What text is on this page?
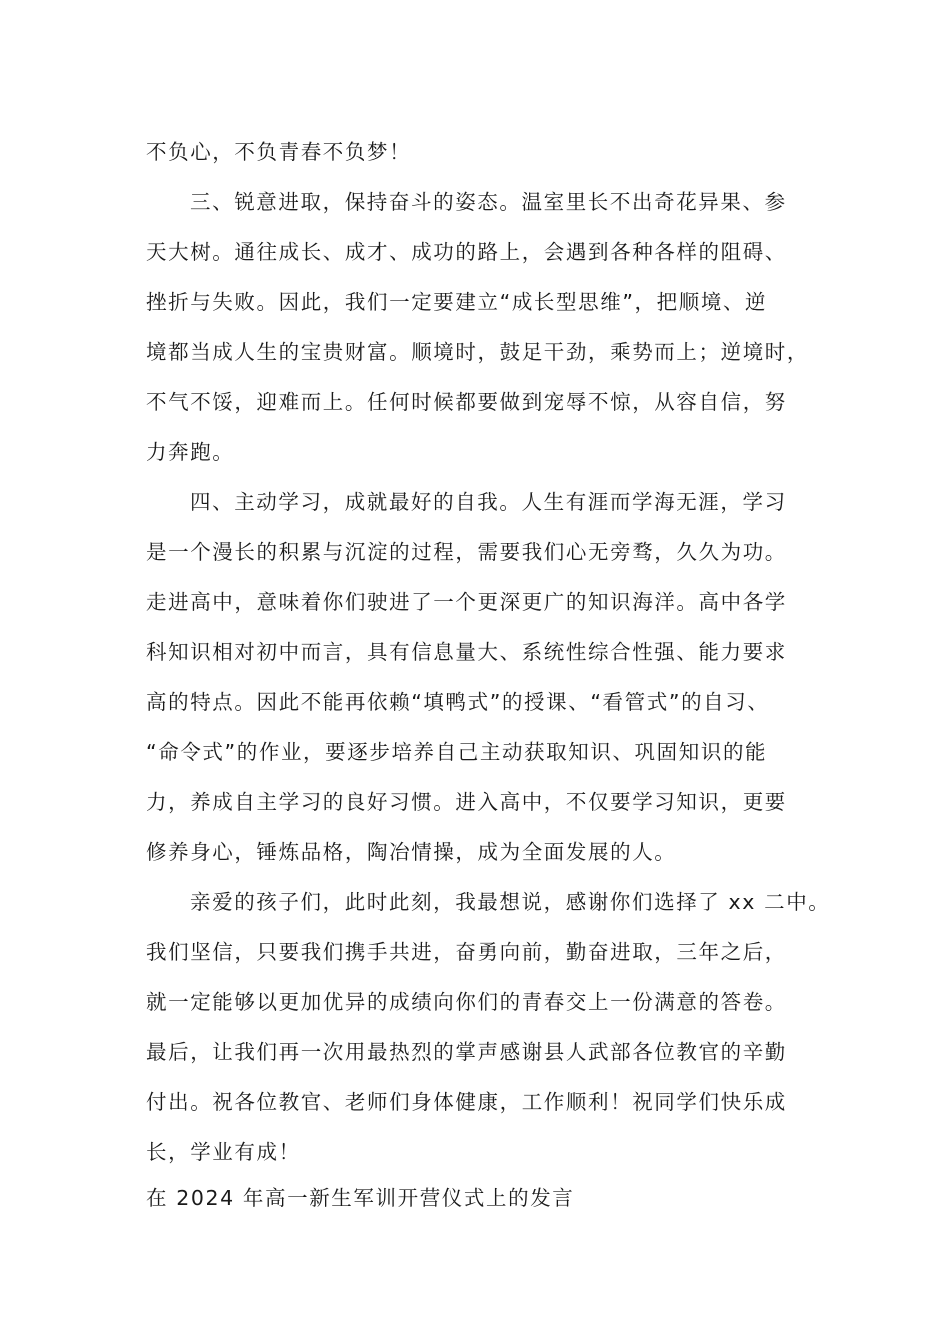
不负心，不负青春不负梦！
三、锐意进取，保持奋斗的姿态。温室里长不出奇花异果、参
天大树。通往成长、成才、成功的路上，会遇到各种各样的阻碍、
挫折与失败。因此，我们一定要建立“成长型思维”，把顺境、逆
境都当成人生的宝贵财富。顺境时，鼓足干劲，乘势而上；逆境时，
不气不馁，迎难而上。任何时候都要做到宠辱不惊，从容自信，努
力奔跑。
四、主动学习，成就最好的自我。人生有涯而学海无涯，学习
是一个漫长的积累与沉淀的过程，需要我们心无旁骛，久久为功。
走进高中，意味着你们驶进了一个更深更广的知识海洋。高中各学
科知识相对初中而言，具有信息量大、系统性综合性强、能力要求
高的特点。因此不能再依赖“填鸭式”的授课、“看管式”的自习、
“命令式”的作业，要逐步培养自己主动获取知识、巩固知识的能
力，养成自主学习的良好习惯。进入高中，不仅要学习知识，更要
修养身心，锤炼品格，陶冶情操，成为全面发展的人。
亲爱的孩子们，此时此刻，我最想说，感谢你们选择了 xx 二中。
我们坚信，只要我们携手共进，奋勇向前，勤奋进取，三年之后，
就一定能够以更加优异的成绩向你们的青春交上一份满意的答卷。
最后，让我们再一次用最热烈的掌声感谢县人武部各位教官的辛勤
付出。祝各位教官、老师们身体健康，工作顺利！祝同学们快乐成
长，学业有成！
在 2024 年高一新生军训开营仪式上的发言
